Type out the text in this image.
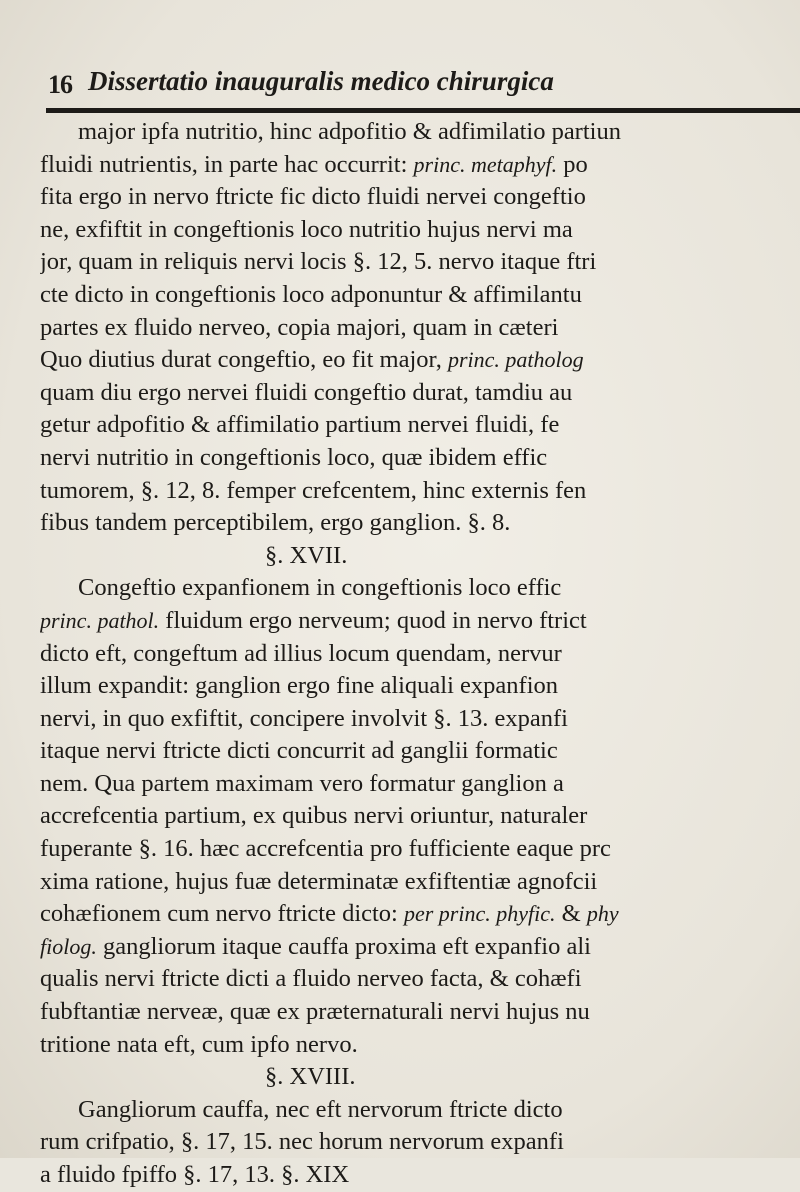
16 Dissertatio inauguralis medico chirurgica
major ipfa nutritio, hinc adpofitio & adfimilatio partiun
fluidi nutrientis, in parte hac occurrit: princ. metaphyf. po
fita ergo in nervo ftricte fic dicto fluidi nervei congeftio
ne, exfiftit in congeftionis loco nutritio hujus nervi ma
jor, quam in reliquis nervi locis §. 12, 5. nervo itaque ftri
cte dicto in congeftionis loco adponuntur & affimilantu
partes ex fluido nerveo, copia majori, quam in cæteri
Quo diutius durat congeftio, eo fit major, princ. patholog
quam diu ergo nervei fluidi congeftio durat, tamdiu au
getur adpofitio & affimilatio partium nervei fluidi, fe
nervi nutritio in congeftionis loco, quæ ibidem effic
tumorem, §. 12, 8. femper crefcentem, hinc externis fen
fibus tandem perceptibilem, ergo ganglion. §. 8.
§. XVII.
Congeftio expanfionem in congeftionis loco effic
princ. pathol. fluidum ergo nerveum; quod in nervo ftrict
dicto eft, congeftum ad illius locum quendam, nervur
illum expandit: ganglion ergo fine aliquali expanfion
nervi, in quo exfiftit, concipere involvit §. 13. expanfi
itaque nervi ftricte dicti concurrit ad ganglii formatic
nem. Qua partem maximam vero formatur ganglion a
accrefcentia partium, ex quibus nervi oriuntur, naturaler
fuperante §. 16. hæc accrefcentia pro fufficiente eaque prc
xima ratione, hujus fuæ determinatæ exfiftentiæ agnofcii
cohæfionem cum nervo ftricte dicto: per princ. phyfic. & phy
fiolog. gangliorum itaque cauffa proxima eft expanfio ali
qualis nervi ftricte dicti a fluido nerveo facta, & cohæfi
fubftantiæ nerveæ, quæ ex præternaturali nervi hujus nu
tritione nata eft, cum ipfo nervo.
§. XVIII.
Gangliorum cauffa, nec eft nervorum ftricte dicto
rum crifpatio, §. 17, 15. nec horum nervorum expanfi
a fluido fpiffo §. 17, 13. §. XIX
